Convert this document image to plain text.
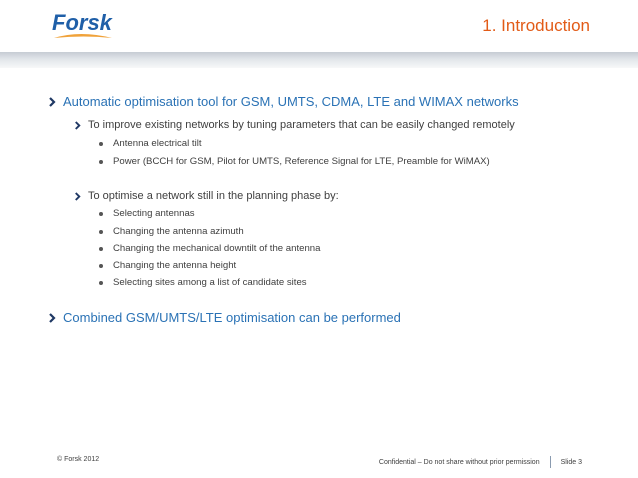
Forsk	1. Introduction
Automatic optimisation tool for GSM, UMTS, CDMA, LTE and WIMAX networks
To improve existing networks by tuning parameters that can be easily changed remotely
Antenna electrical tilt
Power (BCCH for GSM, Pilot for UMTS, Reference Signal for LTE, Preamble for WiMAX)
To optimise a network still in the planning phase by:
Selecting antennas
Changing the antenna azimuth
Changing the mechanical downtilt of the antenna
Changing the antenna height
Selecting sites among a list of candidate sites
Combined GSM/UMTS/LTE optimisation can be performed
© Forsk 2012	Confidential – Do not share without prior permission	Slide 3
